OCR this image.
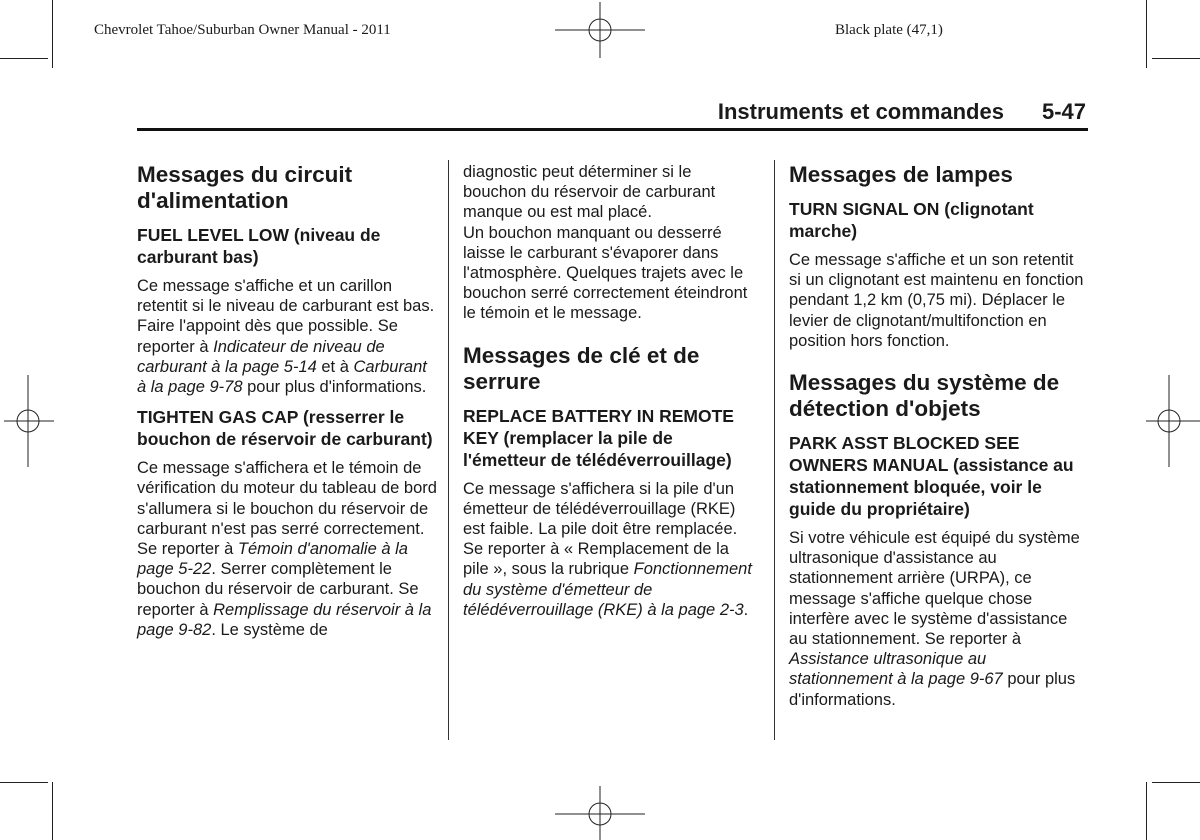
Chevrolet Tahoe/Suburban Owner Manual - 2011	Black plate (47,1)
Instruments et commandes 5-47
Messages du circuit d'alimentation
FUEL LEVEL LOW (niveau de carburant bas)

Ce message s'affiche et un carillon retentit si le niveau de carburant est bas. Faire l'appoint dès que possible. Se reporter à Indicateur de niveau de carburant à la page 5-14 et à Carburant à la page 9-78 pour plus d'informations.

TIGHTEN GAS CAP (resserrer le bouchon de réservoir de carburant)

Ce message s'affichera et le témoin de vérification du moteur du tableau de bord s'allumera si le bouchon du réservoir de carburant n'est pas serré correctement. Se reporter à Témoin d'anomalie à la page 5-22. Serrer complètement le bouchon du réservoir de carburant. Se reporter à Remplissage du réservoir à la page 9-82. Le système de

diagnostic peut déterminer si le bouchon du réservoir de carburant manque ou est mal placé.

Un bouchon manquant ou desserré laisse le carburant s'évaporer dans l'atmosphère. Quelques trajets avec le bouchon serré correctement éteindront le témoin et le message.

Messages de clé et de serrure
REPLACE BATTERY IN REMOTE KEY (remplacer la pile de l'émetteur de télédéverrouillage)

Ce message s'affichera si la pile d'un émetteur de télédéverrouillage (RKE) est faible. La pile doit être remplacée. Se reporter à « Remplacement de la pile », sous la rubrique Fonctionnement du système d'émetteur de télédéverrouillage (RKE) à la page 2-3.

Messages de lampes
TURN SIGNAL ON (clignotant marche)

Ce message s'affiche et un son retentit si un clignotant est maintenu en fonction pendant 1,2 km (0,75 mi). Déplacer le levier de clignotant/multifonction en position hors fonction.

Messages du système de détection d'objets
PARK ASST BLOCKED SEE OWNERS MANUAL (assistance au stationnement bloquée, voir le guide du propriétaire)

Si votre véhicule est équipé du système ultrasonique d'assistance au stationnement arrière (URPA), ce message s'affiche quelque chose interfère avec le système d'assistance au stationnement. Se reporter à Assistance ultrasonique au stationnement à la page 9-67 pour plus d'informations.
